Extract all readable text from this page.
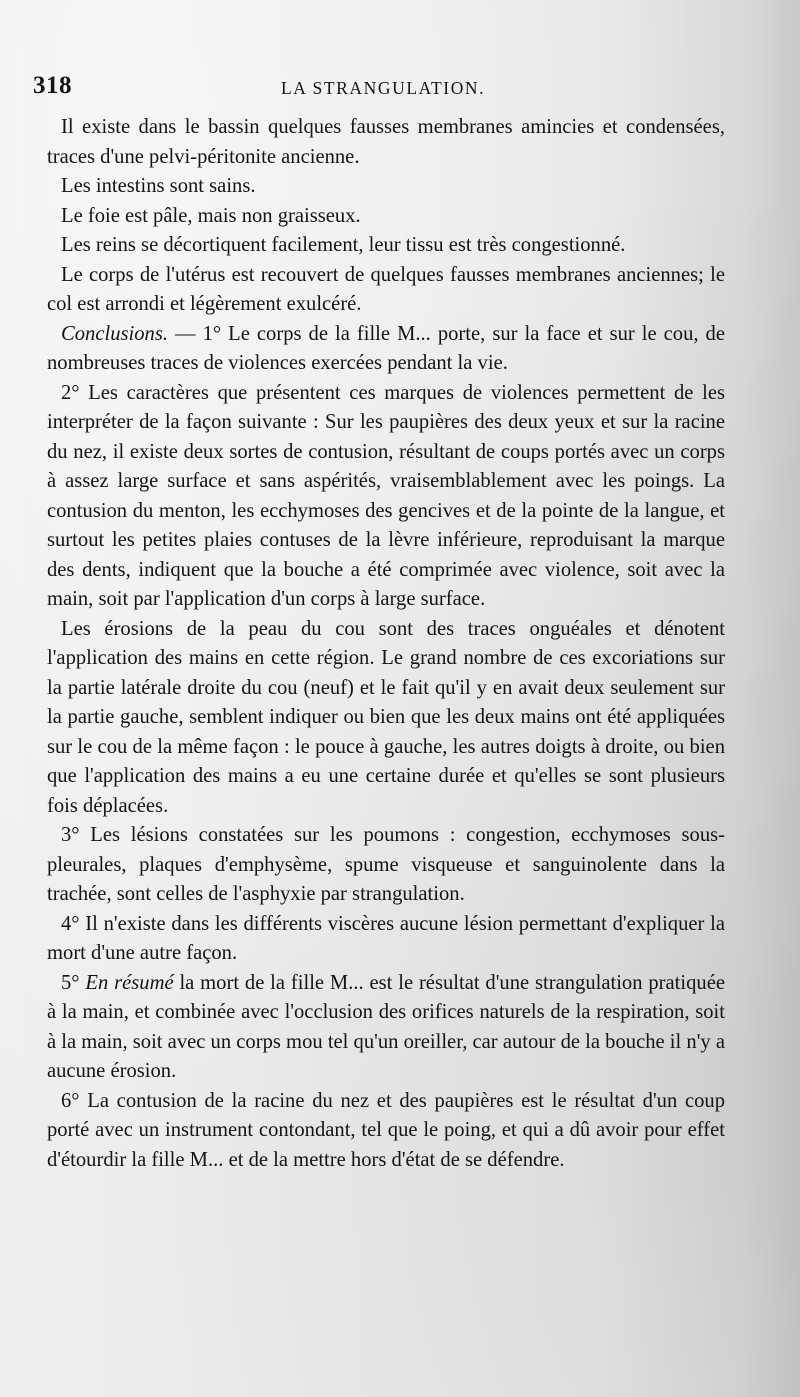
318	LA STRANGULATION.

Il existe dans le bassin quelques fausses membranes amincies et condensées, traces d'une pelvi-péritonite ancienne.

Les intestins sont sains.

Le foie est pâle, mais non graisseux.

Les reins se décortiquent facilement, leur tissu est très congestionné.

Le corps de l'utérus est recouvert de quelques fausses membranes anciennes; le col est arrondi et légèrement exulcéré.

Conclusions. — 1° Le corps de la fille M... porte, sur la face et sur le cou, de nombreuses traces de violences exercées pendant la vie.

2° Les caractères que présentent ces marques de violences permettent de les interpréter de la façon suivante : Sur les paupières des deux yeux et sur la racine du nez, il existe deux sortes de contusion, résultant de coups portés avec un corps à assez large surface et sans aspérités, vraisemblablement avec les poings. La contusion du menton, les ecchymoses des gencives et de la pointe de la langue, et surtout les petites plaies contuses de la lèvre inférieure, reproduisant la marque des dents, indiquent que la bouche a été comprimée avec violence, soit avec la main, soit par l'application d'un corps à large surface.

Les érosions de la peau du cou sont des traces onguéales et dénotent l'application des mains en cette région. Le grand nombre de ces excoriations sur la partie latérale droite du cou (neuf) et le fait qu'il y en avait deux seulement sur la partie gauche, semblent indiquer ou bien que les deux mains ont été appliquées sur le cou de la même façon : le pouce à gauche, les autres doigts à droite, ou bien que l'application des mains a eu une certaine durée et qu'elles se sont plusieurs fois déplacées.

3° Les lésions constatées sur les poumons : congestion, ecchymoses sous-pleurales, plaques d'emphysème, spume visqueuse et sanguinolente dans la trachée, sont celles de l'asphyxie par strangulation.

4° Il n'existe dans les différents viscères aucune lésion permettant d'expliquer la mort d'une autre façon.

5° En résumé la mort de la fille M... est le résultat d'une strangulation pratiquée à la main, et combinée avec l'occlusion des orifices naturels de la respiration, soit à la main, soit avec un corps mou tel qu'un oreiller, car autour de la bouche il n'y a aucune érosion.

6° La contusion de la racine du nez et des paupières est le résultat d'un coup porté avec un instrument contondant, tel que le poing, et qui a dû avoir pour effet d'étourdir la fille M... et de la mettre hors d'état de se défendre.
